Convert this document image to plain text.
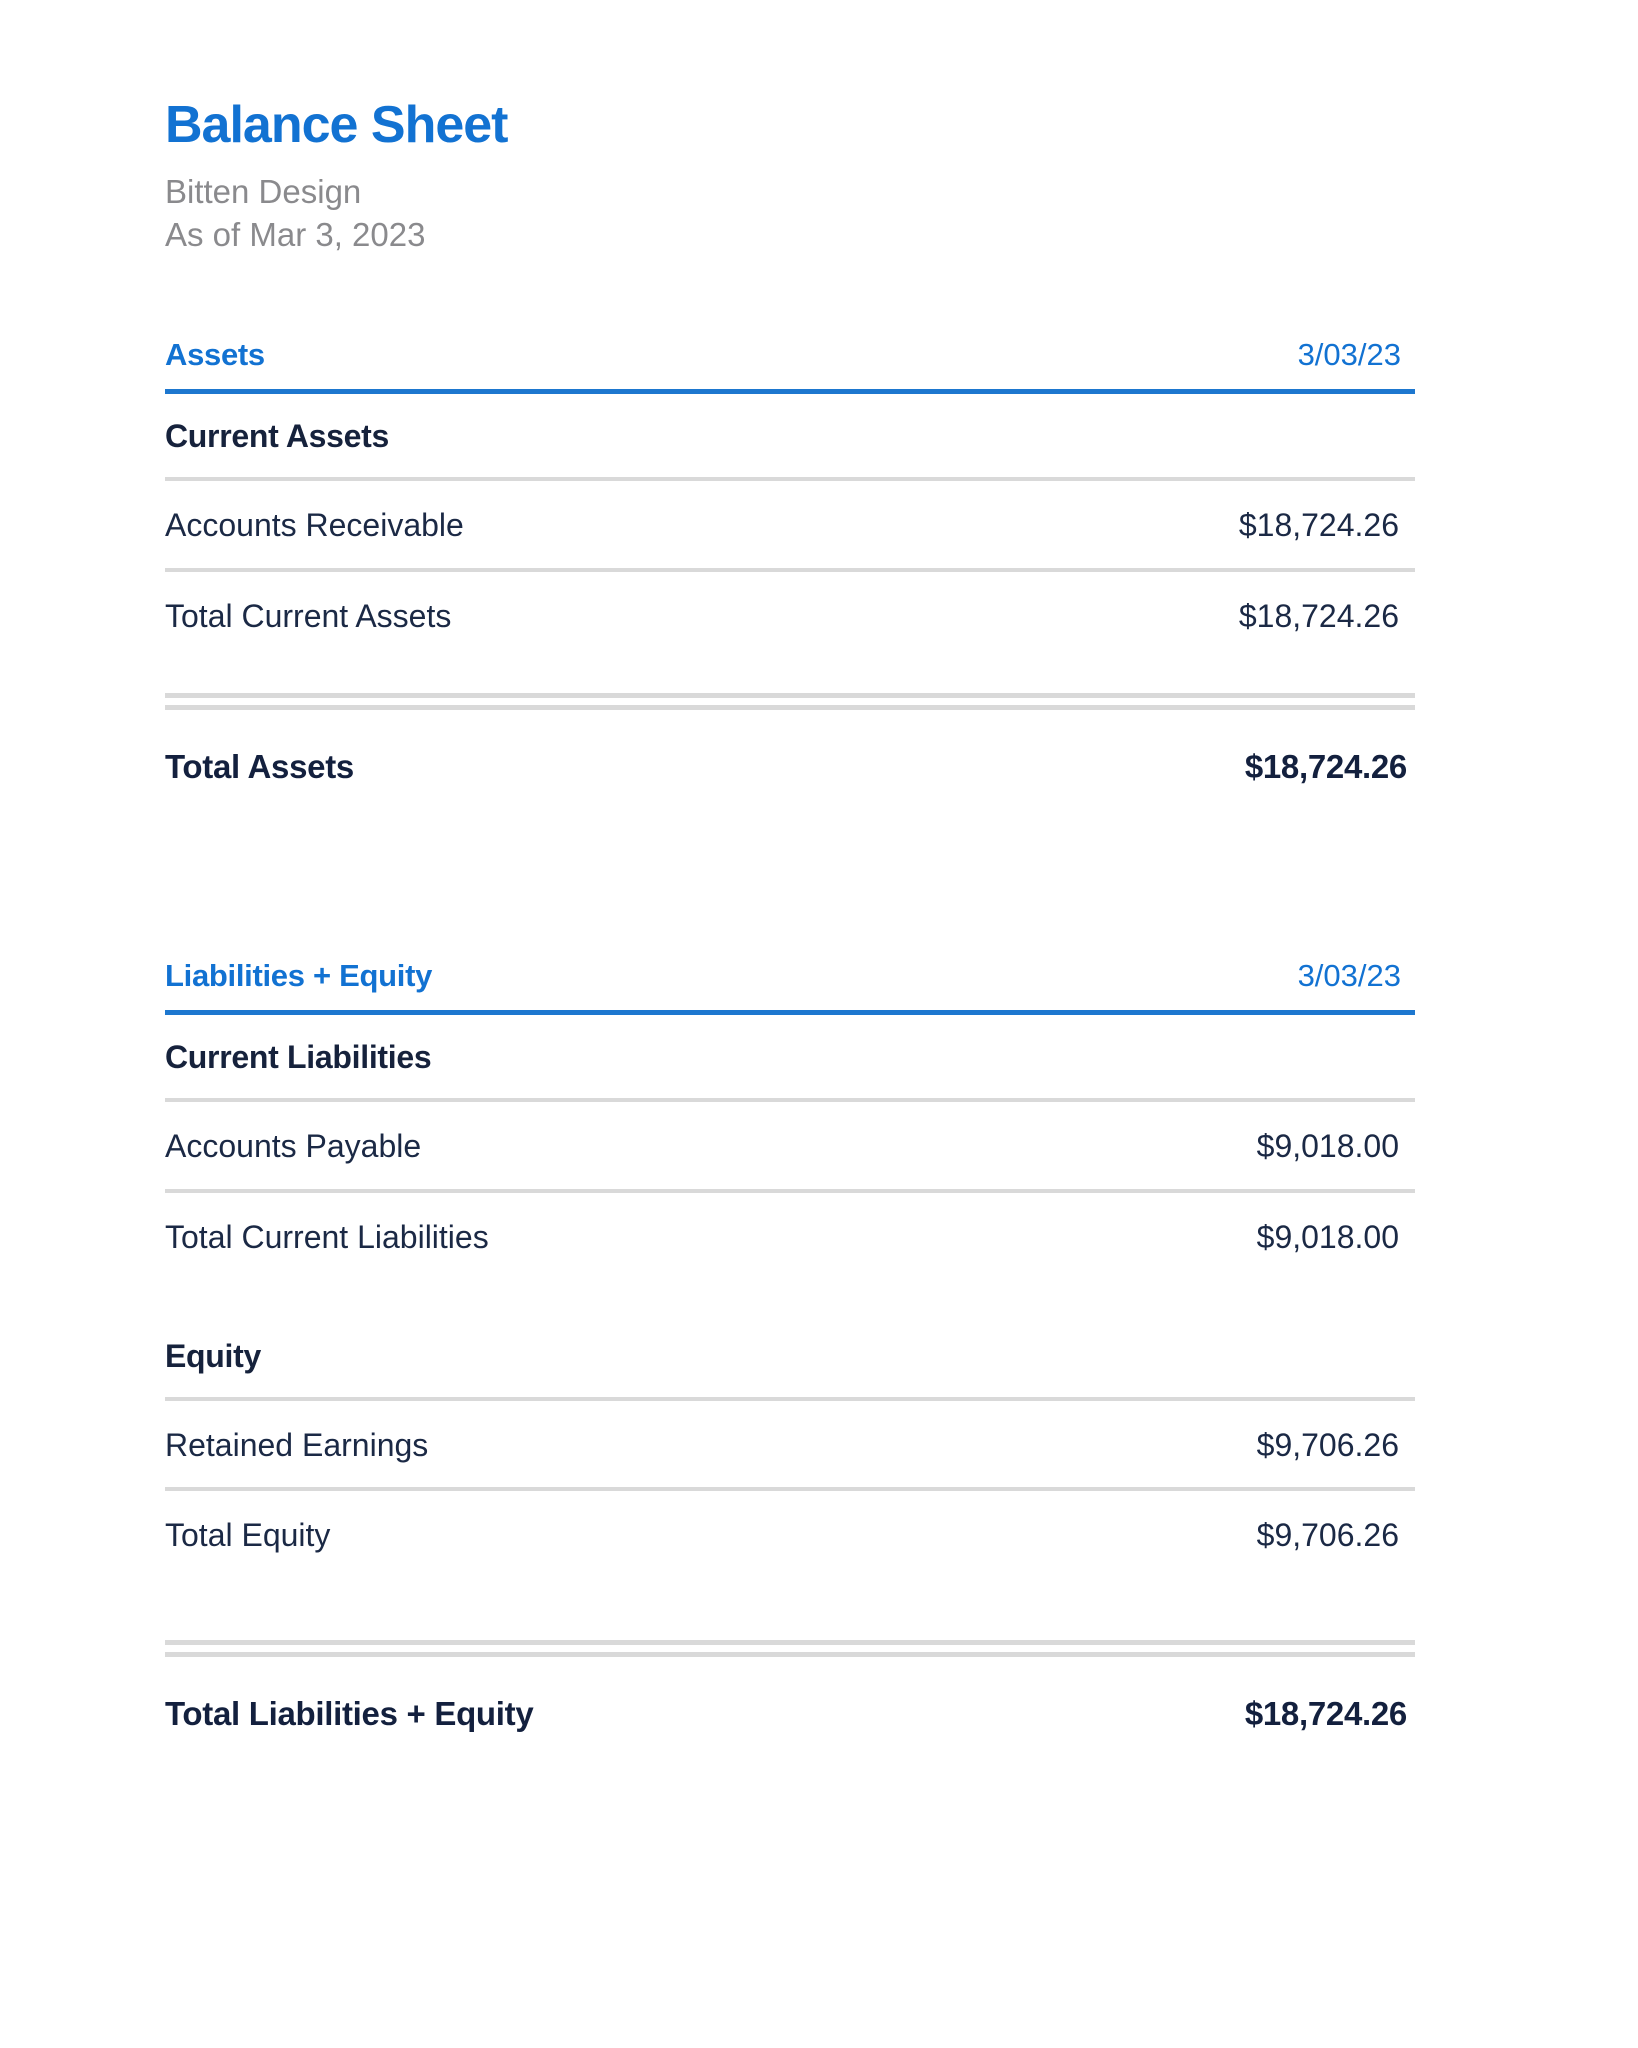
Balance Sheet
Bitten Design
As of Mar 3, 2023
Assets	3/03/23
Current Assets
Accounts Receivable	$18,724.26
Total Current Assets	$18,724.26
Total Assets	$18,724.26
Liabilities + Equity	3/03/23
Current Liabilities
Accounts Payable	$9,018.00
Total Current Liabilities	$9,018.00
Equity
Retained Earnings	$9,706.26
Total Equity	$9,706.26
Total Liabilities + Equity	$18,724.26
